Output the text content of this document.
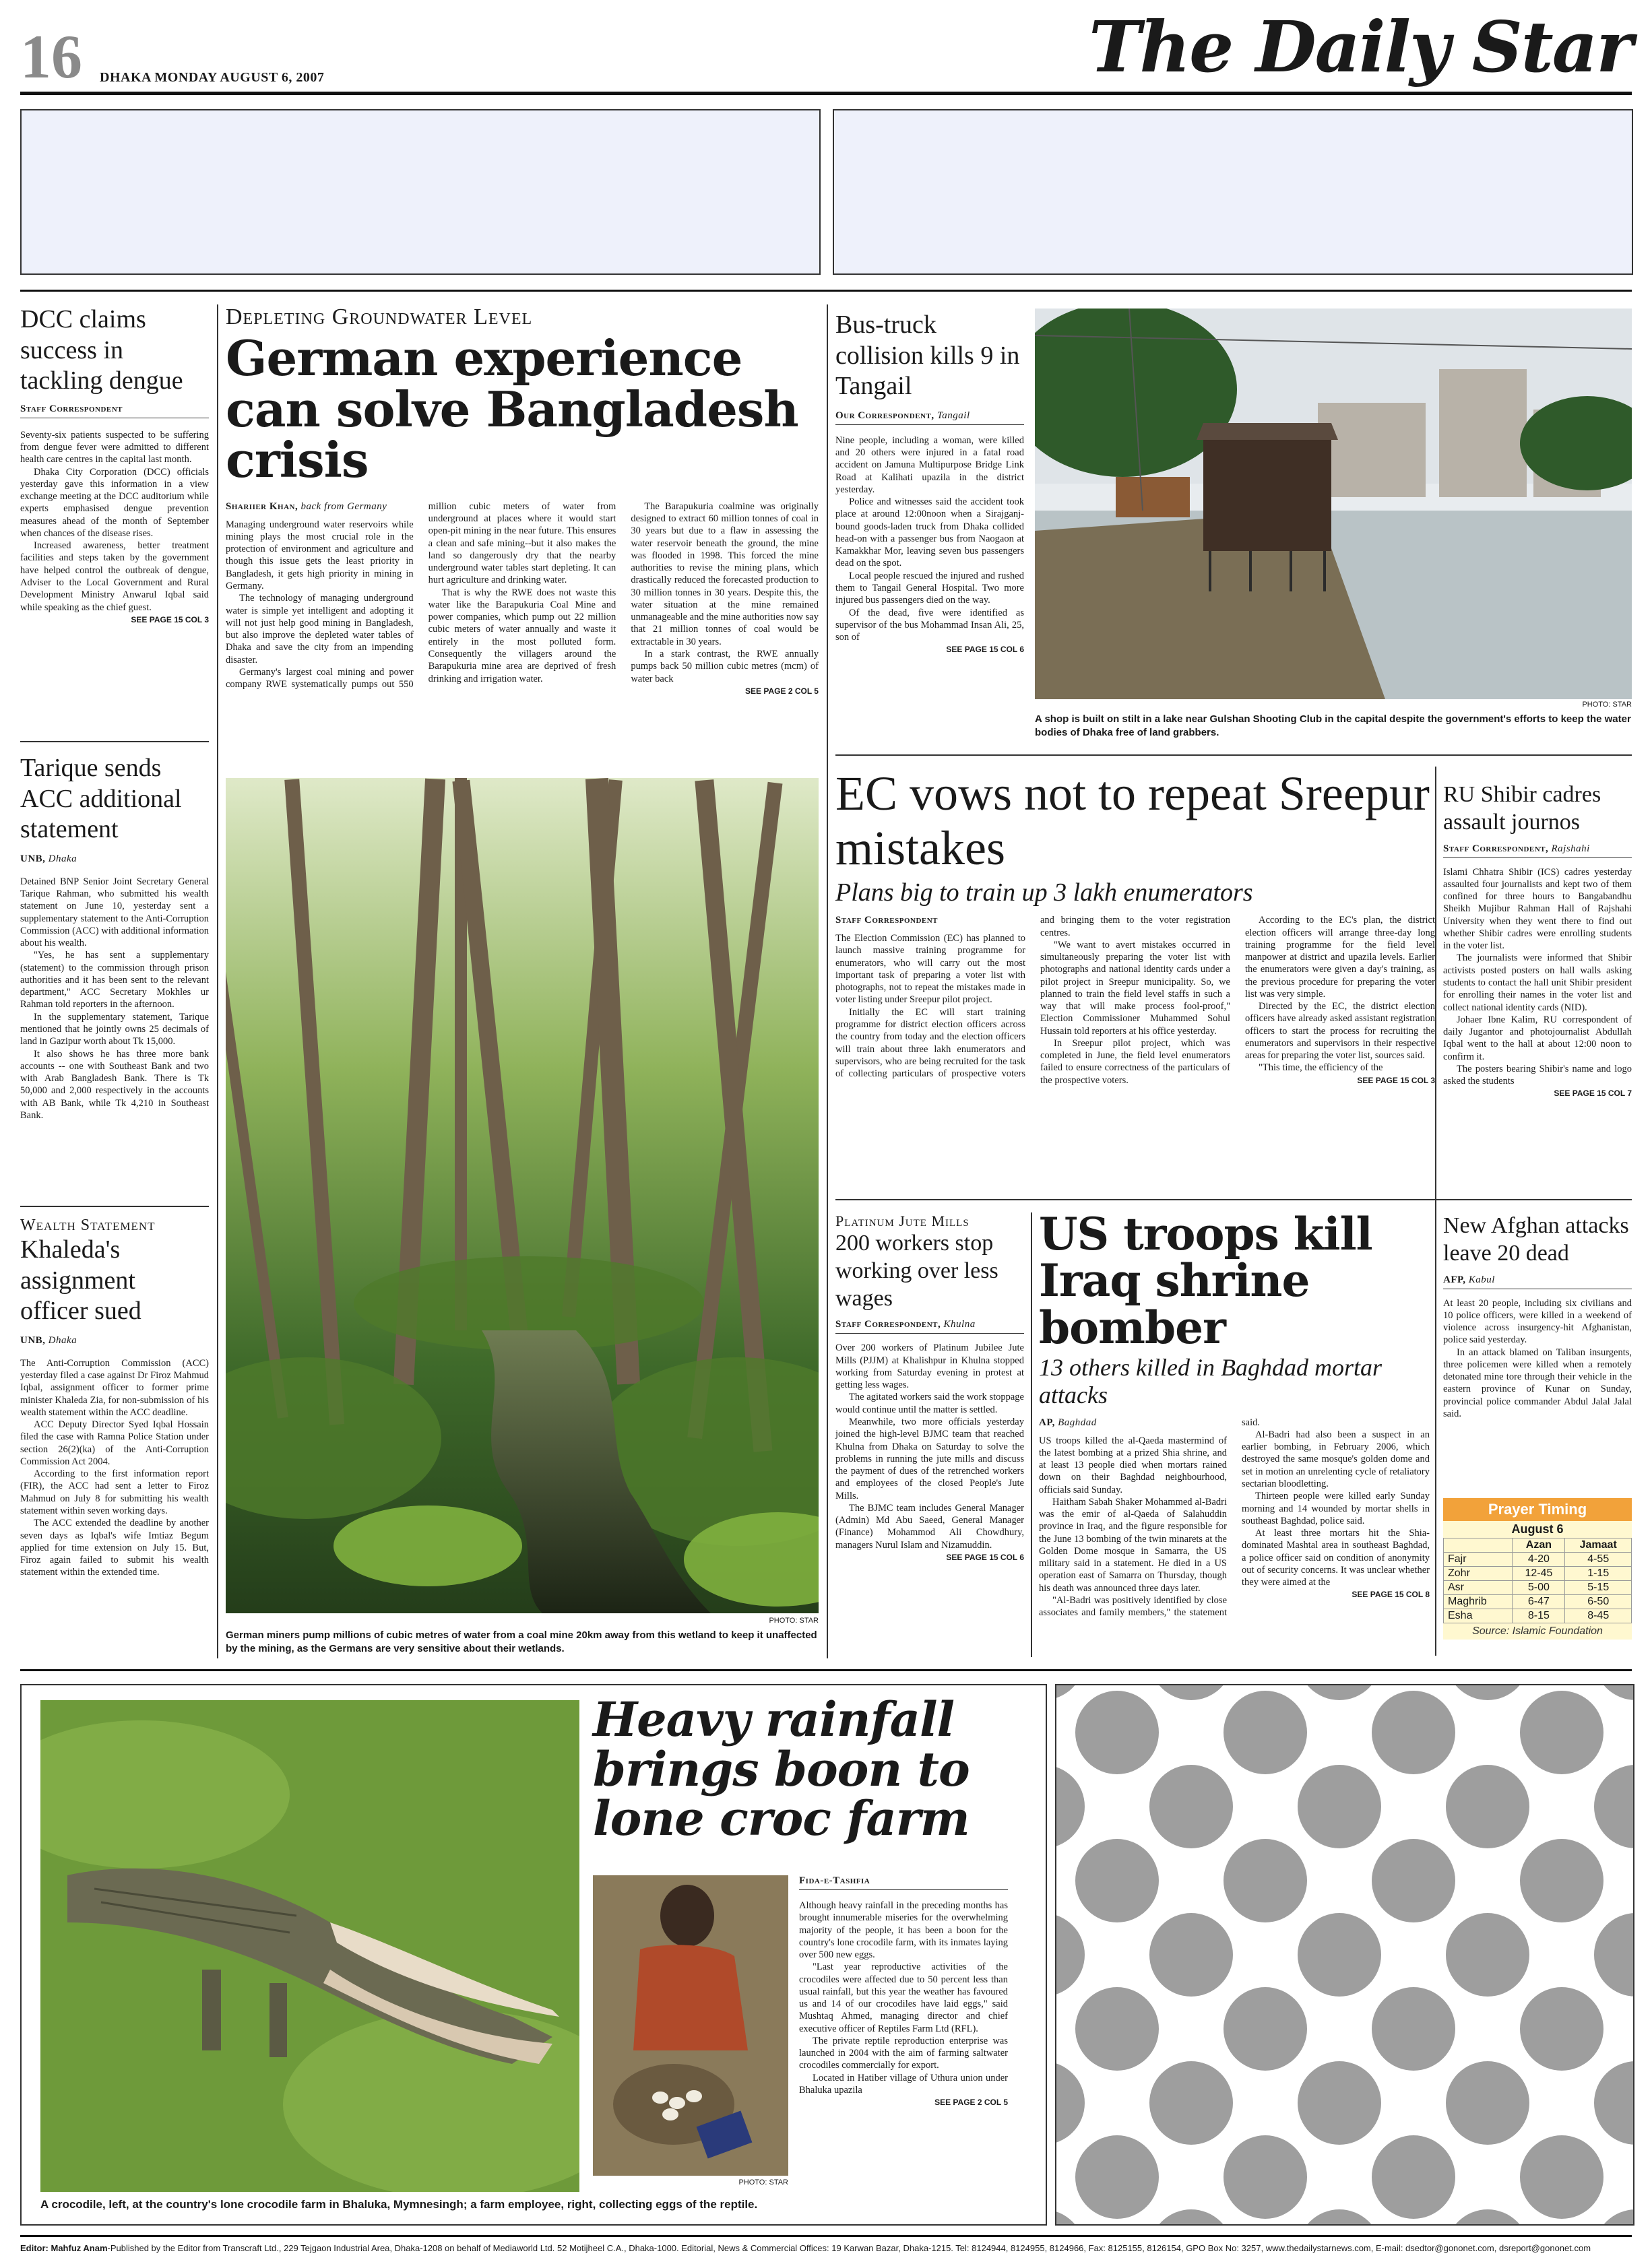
16 DHAKA MONDAY AUGUST 6, 2007	The Daily Star
DCC claims success in tackling dengue
Staff Correspondent

Seventy-six patients suspected to be suffering from dengue fever were admitted to different health care centres in the capital last month.

Dhaka City Corporation (DCC) officials yesterday gave this information in a view exchange meeting at the DCC auditorium while experts emphasised dengue prevention measures ahead of the month of September when chances of the disease rises.

Increased awareness, better treatment facilities and steps taken by the government have helped control the outbreak of dengue, Adviser to the Local Government and Rural Development Ministry Anwarul Iqbal said while speaking as the chief guest.

SEE PAGE 15 COL 3
Tarique sends ACC additional statement
UNB, Dhaka

Detained BNP Senior Joint Secretary General Tarique Rahman, who submitted his wealth statement on June 10, yesterday sent a supplementary statement to the Anti-Corruption Commission (ACC) with additional information about his wealth.

"Yes, he has sent a supplementary (statement) to the commission through prison authorities and it has been sent to the relevant department," ACC Secretary Mokhles ur Rahman told reporters in the afternoon.

In the supplementary statement, Tarique mentioned that he jointly owns 25 decimals of land in Gazipur worth about Tk 15,000.

It also shows he has three more bank accounts -- one with Southeast Bank and two with Arab Bangladesh Bank. There is Tk 50,000 and 2,000 respectively in the accounts with AB Bank, while Tk 4,210 in Southeast Bank.

Wealth Statement
Khaleda's assignment officer sued
UNB, Dhaka

The Anti-Corruption Commission (ACC) yesterday filed a case against Dr Firoz Mahmud Iqbal, assignment officer to former prime minister Khaleda Zia, for non-submission of his wealth statement within the ACC deadline.

ACC Deputy Director Syed Iqbal Hossain filed the case with Ramna Police Station under section 26(2)(ka) of the Anti-Corruption Commission Act 2004.

According to the first information report (FIR), the ACC had sent a letter to Firoz Mahmud on July 8 for submitting his wealth statement within seven working days.

The ACC extended the deadline by another seven days as Iqbal's wife Imtiaz Begum applied for time extension on July 15. But, Firoz again failed to submit his wealth statement within the extended time.

Depleting Groundwater Level
German experience can solve Bangladesh crisis
Shariier Khan, back from Germany

Managing underground water reservoirs while mining plays the most crucial role in the protection of environment and agriculture and though this issue gets the least priority in Bangladesh, it gets high priority in mining in Germany.

The technology of managing underground water is simple yet intelligent and adopting it will not just help good mining in Bangladesh, but also improve the depleted water tables of Dhaka and save the city from an impending disaster.

Germany's largest coal mining and power company RWE systematically pumps out 550 million cubic meters of water from underground at places where it would start open-pit mining in the near future. This ensures a clean and safe mining--but it also makes the land so dangerously dry that the nearby underground water tables start depleting. It can hurt agriculture and drinking water.

That is why the RWE does not waste this water like the Barapukuria Coal Mine and power companies, which pump out 22 million cubic meters of water annually and waste it entirely in the most polluted form. Consequently the villagers around the Barapukuria mine area are deprived of fresh drinking and irrigation water.

The Barapukuria coalmine was originally designed to extract 60 million tonnes of coal in 30 years but due to a flaw in assessing the water reservoir beneath the ground, the mine was flooded in 1998. This forced the mine authorities to revise the mining plans, which drastically reduced the forecasted production to 30 million tonnes in 30 years. Despite this, the water situation at the mine remained unmanageable and the mine authorities now say that 21 million tonnes of coal would be extractable in 30 years.

In a stark contrast, the RWE annually pumps back 50 million cubic metres (mcm) of water back

SEE PAGE 2 COL 5
PHOTO: STAR
German miners pump millions of cubic metres of water from a coal mine 20km away from this wetland to keep it unaffected by the mining, as the Germans are very sensitive about their wetlands.
Bus-truck collision kills 9 in Tangail
Our Correspondent, Tangail

Nine people, including a woman, were killed and 20 others were injured in a fatal road accident on Jamuna Multipurpose Bridge Link Road at Kalihati upazila in the district yesterday.

Police and witnesses said the accident took place at around 12:00noon when a Sirajganj-bound goods-laden truck from Dhaka collided head-on with a passenger bus from Naogaon at Kamakkhar Mor, leaving seven bus passengers dead on the spot.

Local people rescued the injured and rushed them to Tangail General Hospital. Two more injured bus passengers died on the way.

Of the dead, five were identified as supervisor of the bus Mohammad Insan Ali, 25, son of

SEE PAGE 15 COL 6
PHOTO: STAR
A shop is built on stilt in a lake near Gulshan Shooting Club in the capital despite the government's efforts to keep the water bodies of Dhaka free of land grabbers.
EC vows not to repeat Sreepur mistakes
Plans big to train up 3 lakh enumerators
Staff Correspondent

The Election Commission (EC) has planned to launch massive training programme for enumerators, who will carry out the most important task of preparing a voter list with photographs, not to repeat the mistakes made in voter listing under Sreepur pilot project.

Initially the EC will start training programme for district election officers across the country from today and the election officers will train about three lakh enumerators and supervisors, who are being recruited for the task of collecting particulars of prospective voters and bringing them to the voter registration centres.

"We want to avert mistakes occurred in simultaneously preparing the voter list with photographs and national identity cards under a pilot project in Sreepur municipality. So, we planned to train the field level staffs in such a way that will make process fool-proof," Election Commissioner Muhammed Sohul Hussain told reporters at his office yesterday.

In Sreepur pilot project, which was completed in June, the field level enumerators failed to ensure correctness of the particulars of the prospective voters.

According to the EC's plan, the district election officers will arrange three-day long training programme for the field level manpower at district and upazila levels. Earlier the enumerators were given a day's training, as the previous procedure for preparing the voter list was very simple.

Directed by the EC, the district election officers have already asked assistant registration officers to start the process for recruiting the enumerators and supervisors in their respective areas for preparing the voter list, sources said.

"This time, the efficiency of the

SEE PAGE 15 COL 3
RU Shibir cadres assault journos
Staff Correspondent, Rajshahi

Islami Chhatra Shibir (ICS) cadres yesterday assaulted four journalists and kept two of them confined for three hours to Bangabandhu Sheikh Mujibur Rahman Hall of Rajshahi University when they went there to find out whether Shibir cadres were enrolling students in the voter list.

The journalists were informed that Shibir activists posted posters on hall walls asking students to contact the hall unit Shibir president for enrolling their names in the voter list and collect national identity cards (NID).

Johaer Ibne Kalim, RU correspondent of daily Jugantor and photojournalist Abdullah Iqbal went to the hall at about 12:00 noon to confirm it.

The posters bearing Shibir's name and logo asked the students

SEE PAGE 15 COL 7
Platinum Jute Mills
200 workers stop working over less wages
Staff Correspondent, Khulna

Over 200 workers of Platinum Jubilee Jute Mills (PJJM) at Khalishpur in Khulna stopped working from Saturday evening in protest at getting less wages.

The agitated workers said the work stoppage would continue until the matter is settled.

Meanwhile, two more officials yesterday joined the high-level BJMC team that reached Khulna from Dhaka on Saturday to solve the problems in running the jute mills and discuss the payment of dues of the retrenched workers and employees of the closed People's Jute Mills.

The BJMC team includes General Manager (Admin) Md Abu Saeed, General Manager (Finance) Mohammod Ali Chowdhury, managers Nurul Islam and Nizamuddin.

SEE PAGE 15 COL 6
US troops kill Iraq shrine bomber
13 others killed in Baghdad mortar attacks
AP, Baghdad

US troops killed the al-Qaeda mastermind of the latest bombing at a prized Shia shrine, and at least 13 people died when mortars rained down on their Baghdad neighbourhood, officials said Sunday.

Haitham Sabah Shaker Mohammed al-Badri was the emir of al-Qaeda of Salahuddin province in Iraq, and the figure responsible for the June 13 bombing of the twin minarets at the Golden Dome mosque in Samarra, the US military said in a statement. He died in a US operation east of Samarra on Thursday, though his death was announced three days later.

"Al-Badri was positively identified by close associates and family members," the statement said.

Al-Badri had also been a suspect in an earlier bombing, in February 2006, which destroyed the same mosque's golden dome and set in motion an unrelenting cycle of retaliatory sectarian bloodletting.

Thirteen people were killed early Sunday morning and 14 wounded by mortar shells in southeast Baghdad, police said.

At least three mortars hit the Shia-dominated Mashtal area in southeast Baghdad, a police officer said on condition of anonymity out of security concerns. It was unclear whether they were aimed at the

SEE PAGE 15 COL 8
New Afghan attacks leave 20 dead
AFP, Kabul

At least 20 people, including six civilians and 10 police officers, were killed in a weekend of violence across insurgency-hit Afghanistan, police said yesterday.

In an attack blamed on Taliban insurgents, three policemen were killed when a remotely detonated mine tore through their vehicle in the eastern province of Kunar on Sunday, provincial police commander Abdul Jalal Jalal said.

Prayer Timing
August 6
	Azan	Jamaat
Fajr	4-20	4-55
Zohr	12-45	1-15
Asr	5-00	5-15
Maghrib	6-47	6-50
Esha	8-15	8-45
Source: Islamic Foundation
Heavy rainfall brings boon to lone croc farm
PHOTO: STAR
Fida-e-Tashfia

Although heavy rainfall in the preceding months has brought innumerable miseries for the overwhelming majority of the people, it has been a boon for the country's lone crocodile farm, with its inmates laying over 500 new eggs.

"Last year reproductive activities of the crocodiles were affected due to 50 percent less than usual rainfall, but this year the weather has favoured us and 14 of our crocodiles have laid eggs," said Mushtaq Ahmed, managing director and chief executive officer of Reptiles Farm Ltd (RFL).

The private reptile reproduction enterprise was launched in 2004 with the aim of farming saltwater crocodiles commercially for export.

Located in Hatiber village of Uthura union under Bhaluka upazila

SEE PAGE 2 COL 5
A crocodile, left, at the country's lone crocodile farm in Bhaluka, Mymnesingh; a farm employee, right, collecting eggs of the reptile.
Editor: Mahfuz Anam-Published by the Editor from Transcraft Ltd., 229 Tejgaon Industrial Area, Dhaka-1208 on behalf of Mediaworld Ltd. 52 Motijheel C.A., Dhaka-1000. Editorial, News & Commercial Offices: 19 Karwan Bazar, Dhaka-1215. Tel: 8124944, 8124955, 8124966, Fax: 8125155, 8126154, GPO Box No: 3257, www.thedailystarnews.com, E-mail: dsedtor@gononet.com, dsreport@gononet.com
